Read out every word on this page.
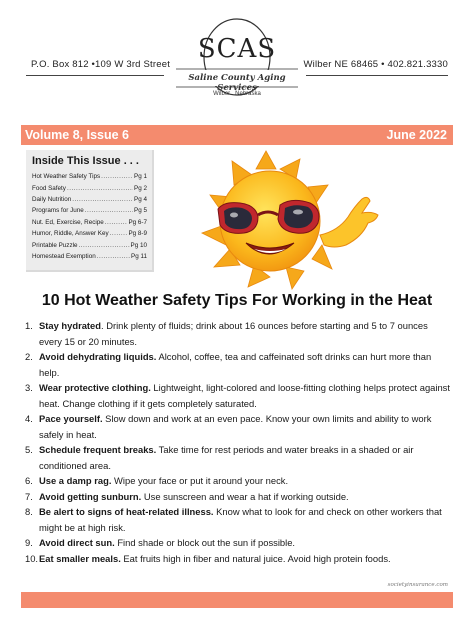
P.O. Box 812 •109 W 3rd Street	Wilber NE 68465 • 402.821.3330
SCAS
Saline County Aging Services
Wilber . Nebraska
Volume 8, Issue 6	June 2022
Inside This Issue . . .
Hot Weather Safety Tips .....	Pg 1
Food Safety .....	Pg 2
Daily Nutrition .....	Pg 4
Programs for June .....	Pg 5
Nut. Ed, Exercise, Recipe .....	Pg 6-7
Humor, Riddle, Answer Key .....	Pg 8-9
Printable Puzzle .....	Pg 10
Homestead Exemption .....	Pg 11
10 Hot Weather Safety Tips For Working in the Heat
1. Stay hydrated. Drink plenty of fluids; drink about 16 ounces before starting and 5 to 7 ounces every 15 or 20 minutes.
2. Avoid dehydrating liquids. Alcohol, coffee, tea and caffeinated soft drinks can hurt more than help.
3. Wear protective clothing. Lightweight, light-colored and loose-fitting clothing helps protect against heat. Change clothing if it gets completely saturated.
4. Pace yourself. Slow down and work at an even pace. Know your own limits and ability to work safely in heat.
5. Schedule frequent breaks. Take time for rest periods and water breaks in a shaded or air conditioned area.
6. Use a damp rag. Wipe your face or put it around your neck.
7. Avoid getting sunburn. Use sunscreen and wear a hat if working outside.
8. Be alert to signs of heat-related illness. Know what to look for and check on other workers that might be at high risk.
9. Avoid direct sun. Find shade or block out the sun if possible.
10. Eat smaller meals. Eat fruits high in fiber and natural juice. Avoid high protein foods.
societyinsurance.com
